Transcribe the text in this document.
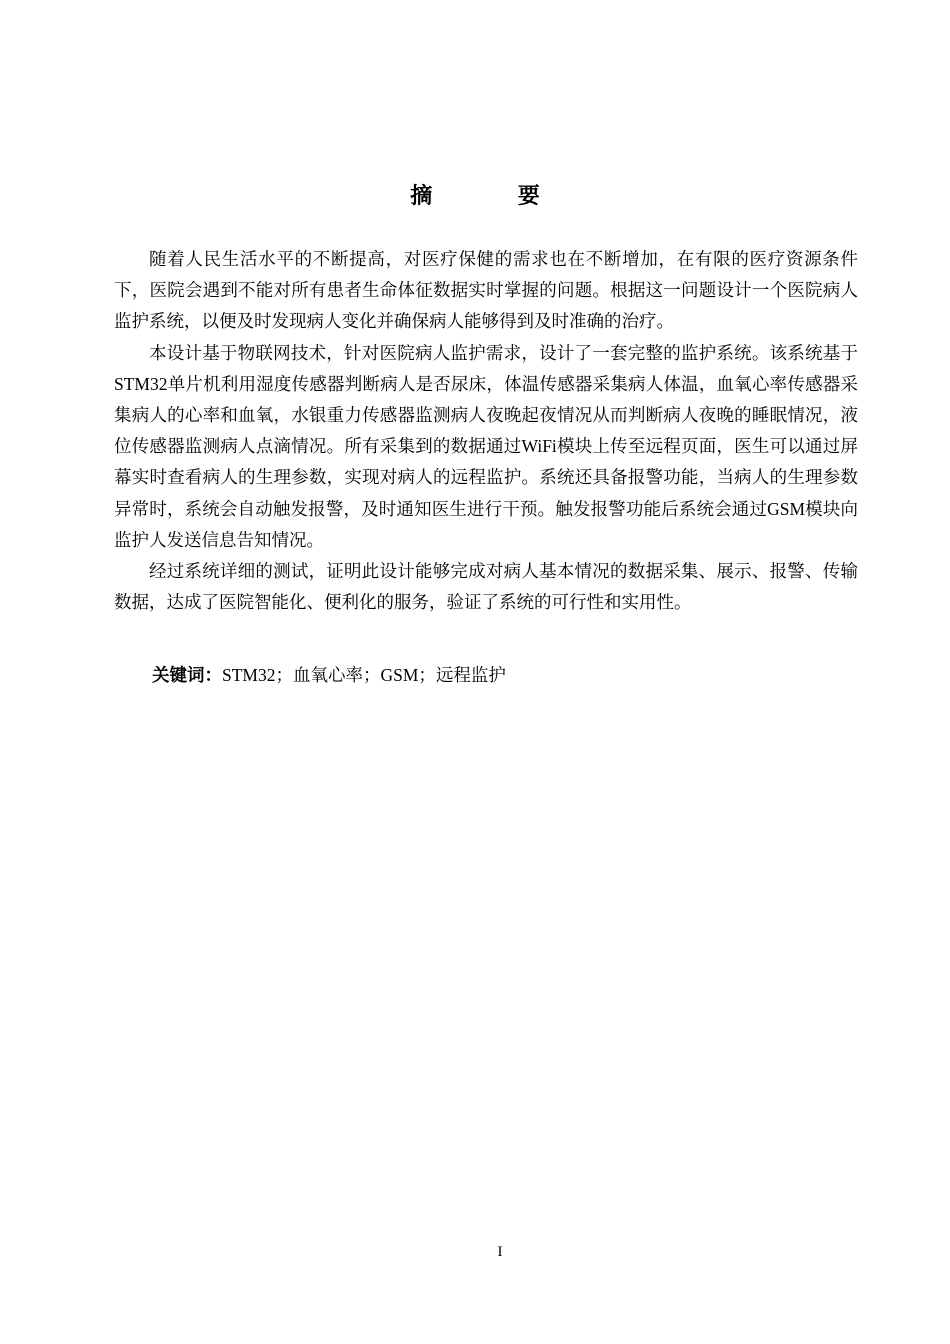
摘 要

随着人民生活水平的不断提高，对医疗保健的需求也在不断增加，在有限的医疗资源条件下，医院会遇到不能对所有患者生命体征数据实时掌握的问题。根据这一问题设计一个医院病人监护系统，以便及时发现病人变化并确保病人能够得到及时准确的治疗。

本设计基于物联网技术，针对医院病人监护需求，设计了一套完整的监护系统。该系统基于STM32单片机利用湿度传感器判断病人是否尿床，体温传感器采集病人体温，血氧心率传感器采集病人的心率和血氧，水银重力传感器监测病人夜晚起夜情况从而判断病人夜晚的睡眠情况，液位传感器监测病人点滴情况。所有采集到的数据通过WiFi模块上传至远程页面，医生可以通过屏幕实时查看病人的生理参数，实现对病人的远程监护。系统还具备报警功能，当病人的生理参数异常时，系统会自动触发报警，及时通知医生进行干预。触发报警功能后系统会通过GSM模块向监护人发送信息告知情况。

经过系统详细的测试，证明此设计能够完成对病人基本情况的数据采集、展示、报警、传输数据，达成了医院智能化、便利化的服务，验证了系统的可行性和实用性。

关键词：STM32；血氧心率；GSM；远程监护
I
